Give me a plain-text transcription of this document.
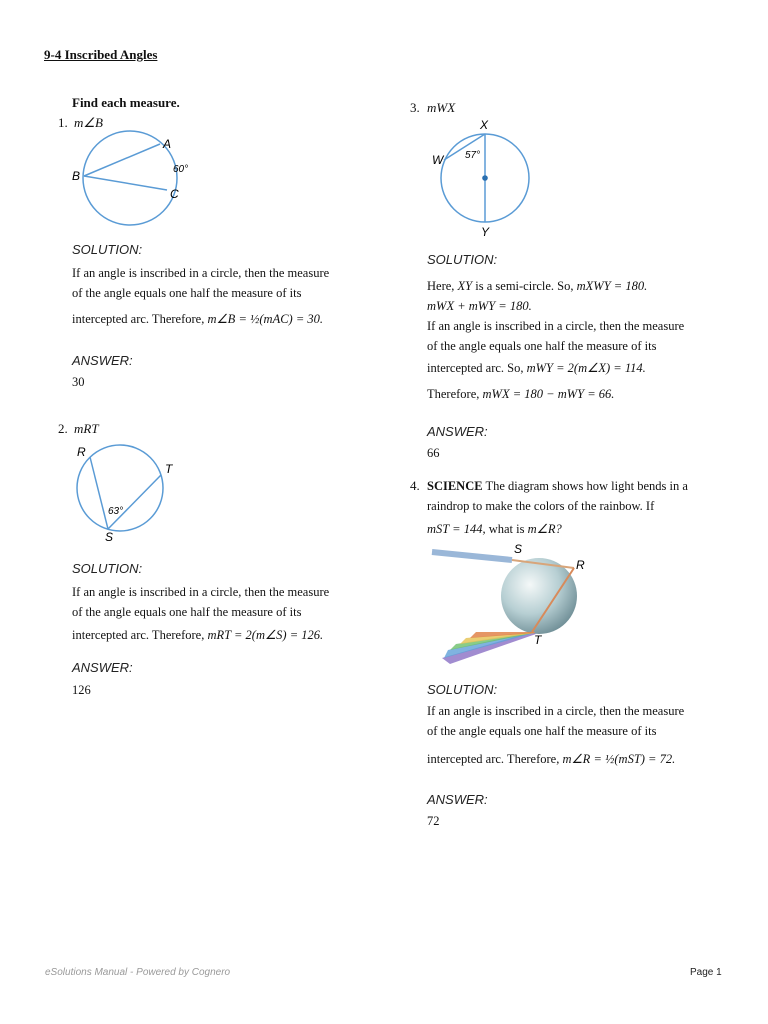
9-4 Inscribed Angles
Find each measure.
1. m∠B
A
B
C
60°
SOLUTION:
If an angle is inscribed in a circle, then the measure
of the angle equals one half the measure of its
intercepted arc. Therefore, m∠B = ½(mAC) = 30.
ANSWER:
30
2. mRT
R
T
S
63°
SOLUTION:
If an angle is inscribed in a circle, then the measure
of the angle equals one half the measure of its
intercepted arc. Therefore, mRT = 2(m∠S) = 126.
ANSWER:
126
3. mWX
X
W
Y
57°
SOLUTION:
Here, XY is a semi-circle. So, mXWY = 180.
mWX + mWY = 180.
If an angle is inscribed in a circle, then the measure
of the angle equals one half the measure of its
intercepted arc. So, mWY = 2(m∠X) = 114.
Therefore, mWX = 180 − mWY = 66.
ANSWER:
66
4. SCIENCE The diagram shows how light bends in a
raindrop to make the colors of the rainbow. If
mST = 144, what is m∠R?
S
R
T
SOLUTION:
If an angle is inscribed in a circle, then the measure
of the angle equals one half the measure of its
intercepted arc. Therefore, m∠R = ½(mST) = 72.
ANSWER:
72
eSolutions Manual - Powered by Cognero	Page 1
